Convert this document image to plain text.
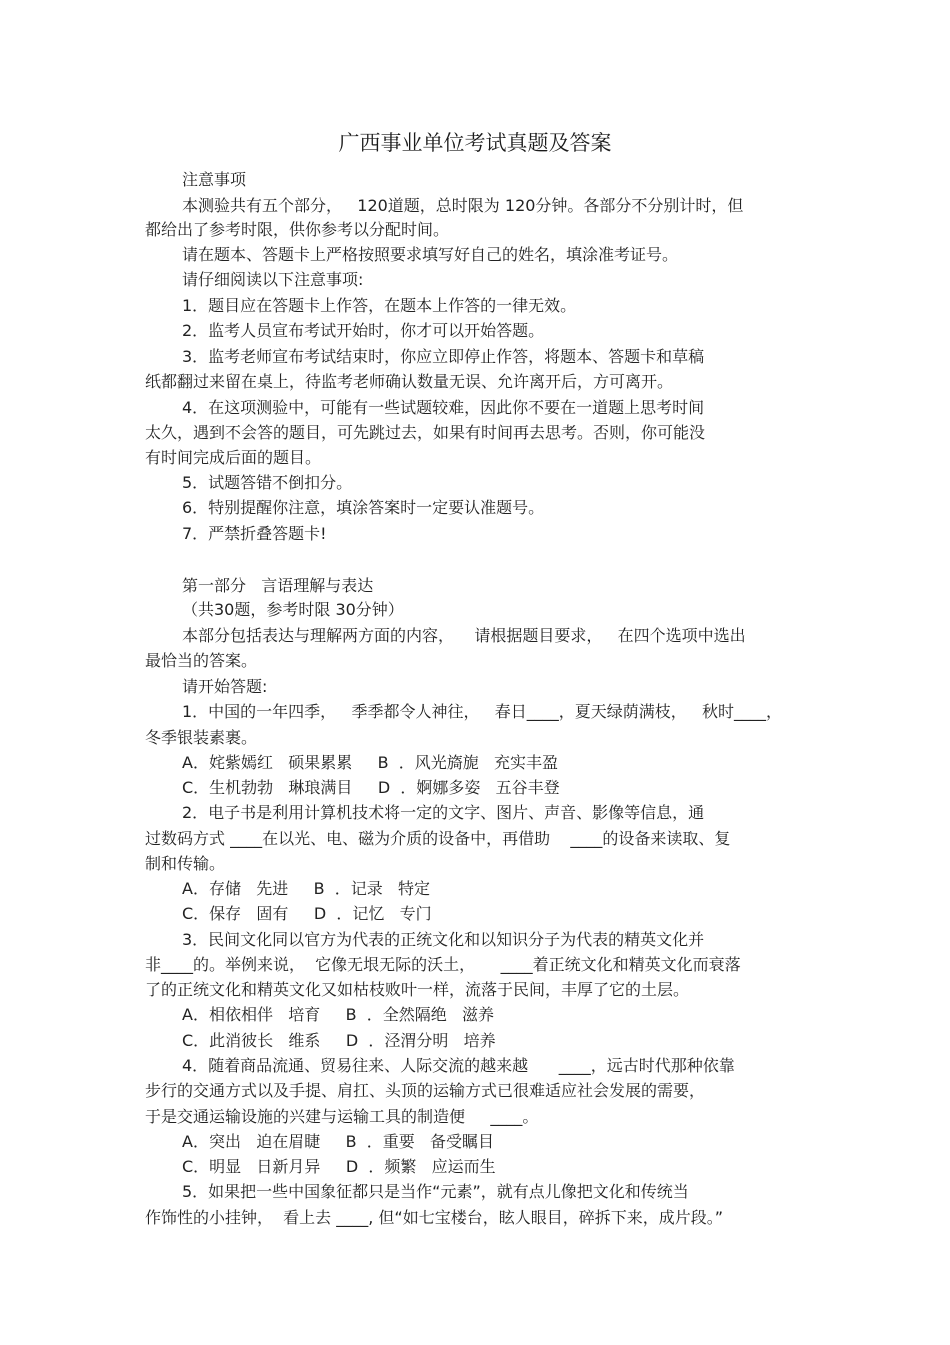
广西事业单位考试真题及答案
注意事项
本测验共有五个部分，   120道题，总时限为 120分钟。各部分不分别计时，但
都给出了参考时限，供你参考以分配时间。
请在题本、答题卡上严格按照要求填写好自己的姓名，填涂准考证号。
请仔细阅读以下注意事项:
1．题目应在答题卡上作答，在题本上作答的一律无效。
2．监考人员宣布考试开始时，你才可以开始答题。
3．监考老师宣布考试结束时，你应立即停止作答，将题本、答题卡和草稿
纸都翻过来留在桌上，待监考老师确认数量无误、允许离开后，方可离开。
4．在这项测验中，可能有一些试题较难，因此你不要在一道题上思考时间
太久，遇到不会答的题目，可先跳过去，如果有时间再去思考。否则，你可能没
有时间完成后面的题目。
5．试题答错不倒扣分。
6．特别提醒你注意，填涂答案时一定要认准题号。
7．严禁折叠答题卡!
第一部分   言语理解与表达
（共30题，参考时限 30分钟）
本部分包括表达与理解两方面的内容，    请根据题目要求，   在四个选项中选出
最恰当的答案。
请开始答题:
1．中国的一年四季，   季季都令人神往，   春日____，夏天绿荫满枝，   秋时____，
冬季银装素裹。
A．姹紫嫣红   硕果累累     B  ．风光旖旎   充实丰盈
C．生机勃勃   琳琅满目     D  ．婀娜多姿   五谷丰登
2．电子书是利用计算机技术将一定的文字、图片、声音、影像等信息，通
过数码方式 ____在以光、电、磁为介质的设备中，再借助    ____的设备来读取、复
制和传输。
A．存储   先进     B  ．记录   特定
C．保存   固有     D  ．记忆   专门
3．民间文化同以官方为代表的正统文化和以知识分子为代表的精英文化并
非____的。举例来说，  它像无垠无际的沃土，     ____着正统文化和精英文化而衰落
了的正统文化和精英文化又如枯枝败叶一样，流落于民间，丰厚了它的土层。
A．相依相伴   培育     B  ．全然隔绝   滋养
C．此消彼长   维系     D  ．泾渭分明   培养
4．随着商品流通、贸易往来、人际交流的越来越      ____，远古时代那种依靠
步行的交通方式以及手提、肩扛、头顶的运输方式已很难适应社会发展的需要，
于是交通运输设施的兴建与运输工具的制造便     ____。
A．突出   迫在眉睫     B  ．重要   备受瞩目
C．明显   日新月异     D  ．频繁   应运而生
5．如果把一些中国象征都只是当作“元素”，就有点儿像把文化和传统当
作饰性的小挂钟，  看上去 ____, 但“如七宝楼台，眩人眼目，碎拆下来，成片段。”
